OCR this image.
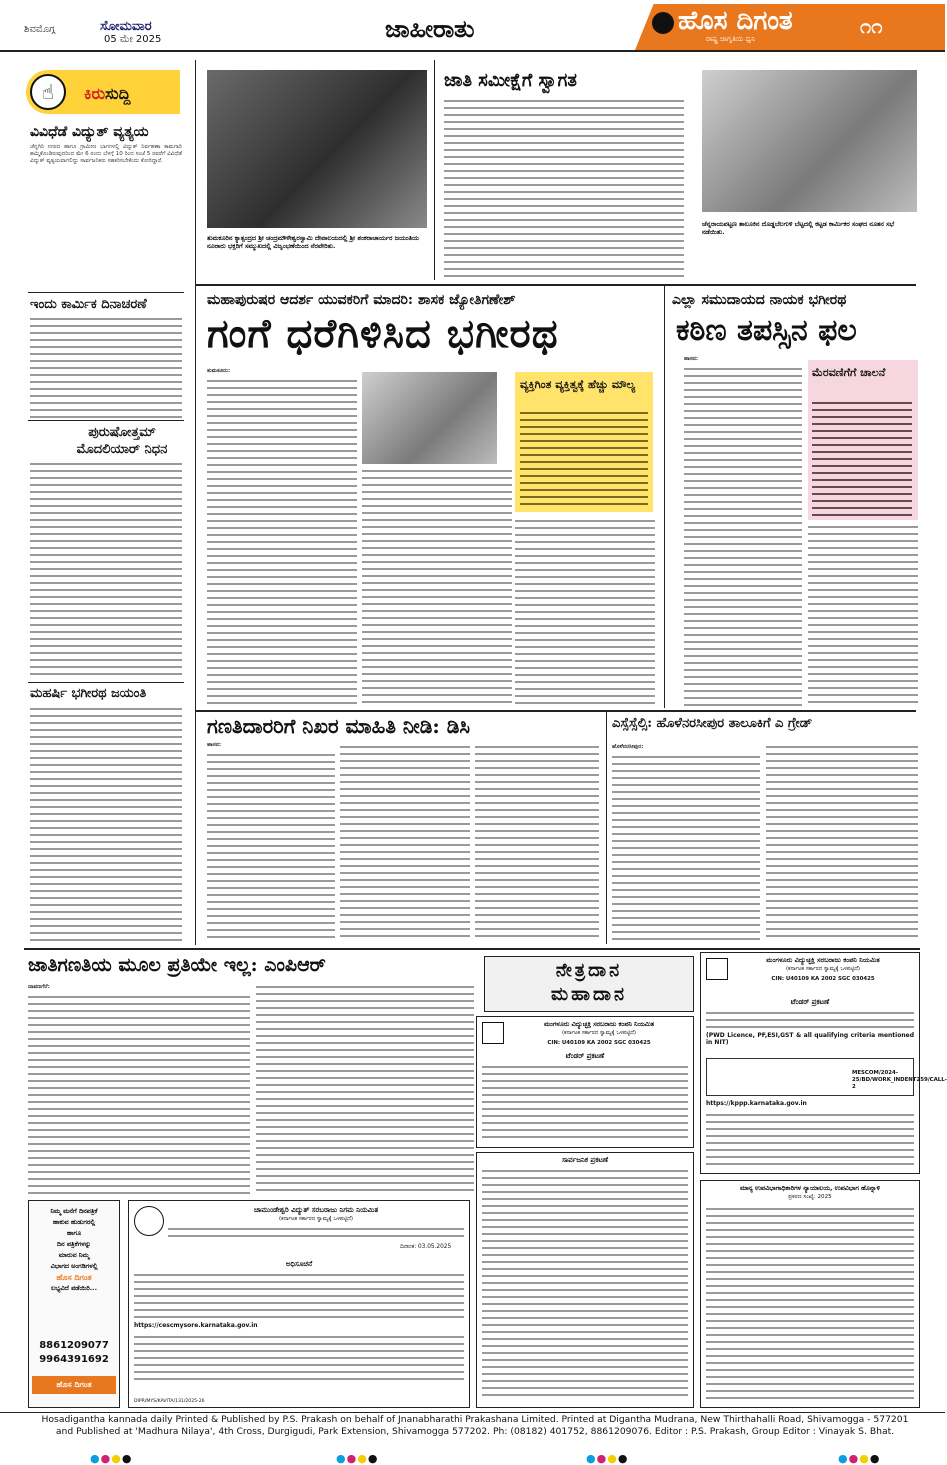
ಶಿವಮೊಗ್ಗ	ಸೋಮವಾರ
05 ಮೇ 2025	ಜಾಹೀರಾತು	ಹೊಸ ದಿಗಂತ
ರಾಷ್ಟ್ರ ಜಾಗೃತಿಯ ಧ್ವನಿ
೧೧
☝	ಕಿರುಸುದ್ದಿ
ವಿವಿಧೆಡೆ ವಿದ್ಯುತ್ ವ್ಯತ್ಯಯ
ಚೆನ್ನಗಿರಿ ನಗರದ ಹಾಗೂ ಗ್ರಾಮೀಣ ಭಾಗಗಳಲ್ಲಿ ವಿದ್ಯುತ್ ನಿರ್ವಹಣಾ ಕಾಮಗಾರಿ ಹಮ್ಮಿಕೊಂಡಿರುವುದರಿಂದ ಮೇ 6 ರಂದು ಬೆಳಗ್ಗೆ 10 ರಿಂದ ಸಂಜೆ 5 ರವರೆಗೆ ವಿವಿಧೆಡೆ ವಿದ್ಯುತ್ ವ್ಯತ್ಯಯವಾಗಲಿದ್ದು ಸಾರ್ವಜನಿಕರು ಸಹಕರಿಸಬೇಕೆಂದು ಕೋರಿದ್ದಾರೆ.
ಇಂದು ಕಾರ್ಮಿಕ ದಿನಾಚರಣೆ
ಪುರುಷೋತ್ತಮ್ ಮೊದಲಿಯಾರ್ ನಿಧನ
ಮಹರ್ಷಿ ಭಗೀರಥ ಜಯಂತಿ
ತುಮಕೂರಿನ ಕ್ಯಾತ್ಸಂದ್ರದ ಶ್ರೀ ಚಂದ್ರಮೌಳೇಶ್ವರಸ್ವಾಮಿ ದೇವಾಲಯದಲ್ಲಿ ಶ್ರೀ ಶಂಕರಾಚಾರ್ಯರ ಜಯಂತಿಯ ನೂರಾರು ಭಕ್ತರಿಗೆ ಸಮ್ಮುಖದಲ್ಲಿ ವಿಜೃಂಭಣೆಯಿಂದ ನೆರವೇರಿತು.
ಜಾತಿ ಸಮೀಕ್ಷೆಗೆ ಸ್ವಾಗತ
ಚೆನ್ನರಾಯಪಟ್ಟಣ ತಾಲೂಕಿನ ದೊಡ್ಡಬೆಲಗುಳಿ ಬೆಟ್ಟದಲ್ಲಿ ಕಟ್ಟಡ ಕಾರ್ಮಿಕರ ಸಂಘದ ನೂತನ ಸಭೆ ನಡೆಯಿತು.
ಮಹಾಪುರುಷರ ಆದರ್ಶ ಯುವಕರಿಗೆ ಮಾದರಿ: ಶಾಸಕ ಜ್ಯೋತಿಗಣೇಶ್
ಗಂಗೆ ಧರೆಗಿಳಿಸಿದ ಭಗೀರಥ
ತುಮಕೂರು:
ವ್ಯಕ್ತಿಗಿಂತ ವ್ಯಕ್ತಿತ್ವಕ್ಕೆ ಹೆಚ್ಚು ಮೌಲ್ಯ
ಎಲ್ಲಾ ಸಮುದಾಯದ ನಾಯಕ ಭಗೀರಥ
ಕಠಿಣ ತಪಸ್ಸಿನ ಫಲ
ಹಾಸನ:
ಮೆರವಣಿಗೆಗೆ ಚಾಲನೆ
ಗಣತಿದಾರರಿಗೆ ನಿಖರ ಮಾಹಿತಿ ನೀಡಿ: ಡಿಸಿ
ಹಾಸನ:
ಎಸ್ಸೆಸ್ಸೆಲ್ಸಿ: ಹೊಳೆನರಸೀಪುರ ತಾಲೂಕಿಗೆ ಎ ಗ್ರೇಡ್
ಹೊಳೆನರಸೀಪುರ:
ಜಾತಿಗಣತಿಯ ಮೂಲ ಪ್ರತಿಯೇ ಇಲ್ಲ: ಎಂಪಿಆರ್
ದಾವಣಗೆರೆ:
ನೇತ್ರದಾನ
ಮಹಾದಾನ
ಮಂಗಳೂರು ವಿದ್ಯುಚ್ಛಕ್ತಿ ಸರಬರಾಜು ಕಂಪನಿ ನಿಯಮಿತ
(ಕರ್ನಾಟಕ ಸರ್ಕಾರದ ಸ್ವಾಮ್ಯಕ್ಕೆ ಒಳಪಟ್ಟಿದೆ)
CIN: U40109 KA 2002 SGC 030425
ಟೆಂಡರ್ ಪ್ರಕಟಣೆ
ಸಾರ್ವಜನಿಕ ಪ್ರಕಟಣೆ
ಮಂಗಳೂರು ವಿದ್ಯುಚ್ಛಕ್ತಿ ಸರಬರಾಜು ಕಂಪನಿ ನಿಯಮಿತ
(ಕರ್ನಾಟಕ ಸರ್ಕಾರದ ಸ್ವಾಮ್ಯಕ್ಕೆ ಒಳಪಟ್ಟಿದೆ)
CIN: U40109 KA 2002 SGC 030425
ಟೆಂಡರ್ ಪ್ರಕಟಣೆ
(PWD Licence, PF,ESI,GST & all qualifying criteria mentioned in NIT)
MESCOM/2024-25/BD/WORK_INDENT259/CALL-2
https://kppp.karnataka.gov.in
ಮಾನ್ಯ ಉಪವಿಭಾಗಾಧಿಕಾರಿಗಳ ನ್ಯಾಯಾಲಯ, ಉಪವಿಭಾಗ ಹೊನ್ನಾಳಿ
ಪ್ರಕರಣ ಸಂಖ್ಯೆ: 2025
ನಿಮ್ಮ ಮನೆಗೆ ದಿನಪತ್ರಿಕೆ
ಹಾಕುವ ಹುಡುಗರಲ್ಲಿ
ಹಾಗೂ
ದಿನ ಪತ್ರಿಕೆಗಳನ್ನು
ಮಾರುವ ನಿಮ್ಮ
ವಿಭಾಗದ ಅಂಗಡಿಗಳಲ್ಲಿ
ಹೊಸ ದಿಗಂತ
ಲಭ್ಯವಿದೆ ಪಡೆಯಿರಿ...
8861209077
9964391692
ಹೊಸ ದಿಗಂತ
ಚಾಮುಂಡೇಶ್ವರಿ ವಿದ್ಯುತ್ ಸರಬರಾಜು ನಿಗಮ ನಿಯಮಿತ
(ಕರ್ನಾಟಕ ಸರ್ಕಾರದ ಸ್ವಾಮ್ಯಕ್ಕೆ ಒಳಪಟ್ಟಿದೆ)
ದಿನಾಂಕ: 03.05.2025
ಅಧಿಸೂಚನೆ
https://cescmysore.karnataka.gov.in
DIPR/MYS/KAVITA/131/2025-26
Hosadigantha kannada daily Printed & Published by P.S. Prakash on behalf of Jnanabharathi Prakashana Limited. Printed at Digantha Mudrana, New Thirthahalli Road, Shivamogga - 577201
and Published at 'Madhura Nilaya', 4th Cross, Durgigudi, Park Extension, Shivamogga 577202. Ph: (08182) 401752, 8861209076. Editor : P.S. Prakash, Group Editor : Vinayak S. Bhat.
●●●●	●●●●	●●●●	●●●●
